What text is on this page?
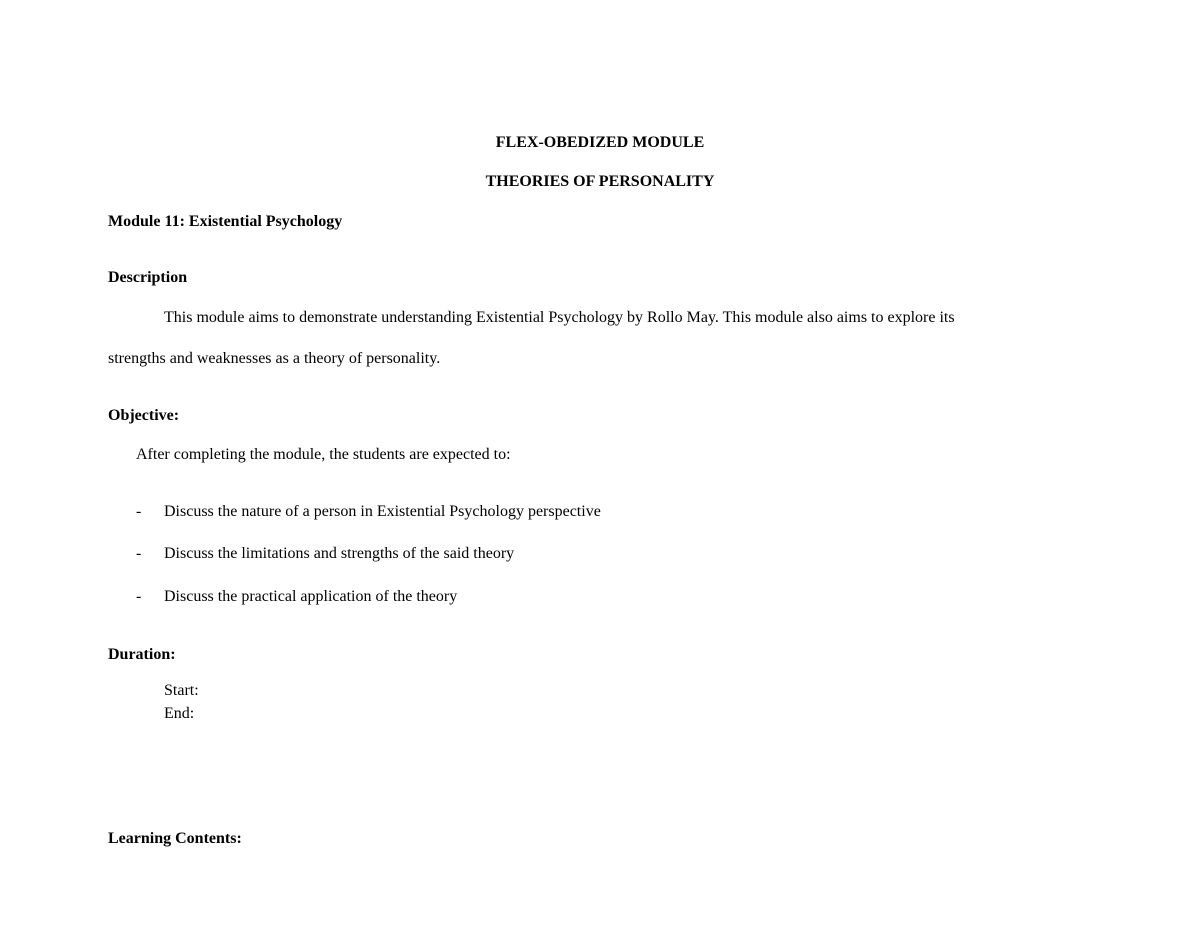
FLEX-OBEDIZED MODULE
THEORIES OF PERSONALITY
Module 11: Existential Psychology
Description
This module aims to demonstrate understanding Existential Psychology by Rollo May. This module also aims to explore its
strengths and weaknesses as a theory of personality.
Objective:
After completing the module, the students are expected to:
- Discuss the nature of a person in Existential Psychology perspective
- Discuss the limitations and strengths of the said theory
- Discuss the practical application of the theory
Duration:
Start:
End:
Learning Contents:
